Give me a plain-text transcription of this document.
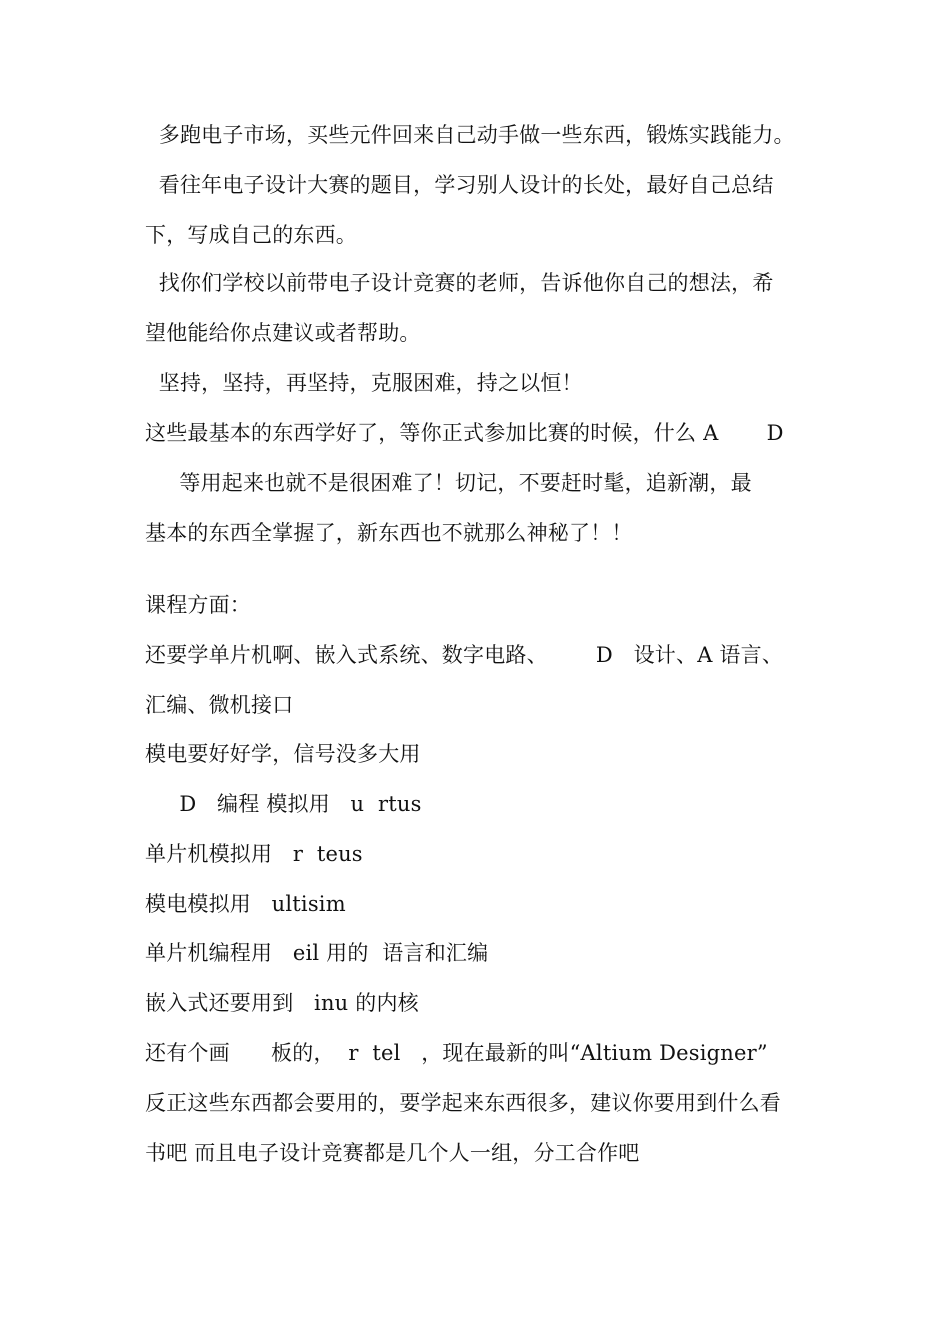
多跑电子市场，买些元件回来自己动手做一些东西，锻炼实践能力。
看往年电子设计大赛的题目，学习别人设计的长处，最好自己总结
下，写成自己的东西。
找你们学校以前带电子设计竞赛的老师，告诉他你自己的想法，希
望他能给你点建议或者帮助。
坚持，坚持，再坚持，克服困难，持之以恒！
这些最基本的东西学好了，等你正式参加比赛的时候，什么 A       D
等用起来也就不是很困难了！切记，不要赶时髦，追新潮，最
基本的东西全掌握了，新东西也不就那么神秘了！！
课程方面：
还要学单片机啊、嵌入式系统、数字电路、       D   设计、A 语言、
汇编、微机接口
模电要好好学，信号没多大用
D   编程 模拟用   u  rtus
单片机模拟用   r  teus
模电模拟用   ultisim
单片机编程用   eil 用的  语言和汇编
嵌入式还要用到   inu 的内核
还有个画      板的，  r  tel   ，现在最新的叫“Altium Designer”
反正这些东西都会要用的，要学起来东西很多，建议你要用到什么看
书吧 而且电子设计竞赛都是几个人一组，分工合作吧
